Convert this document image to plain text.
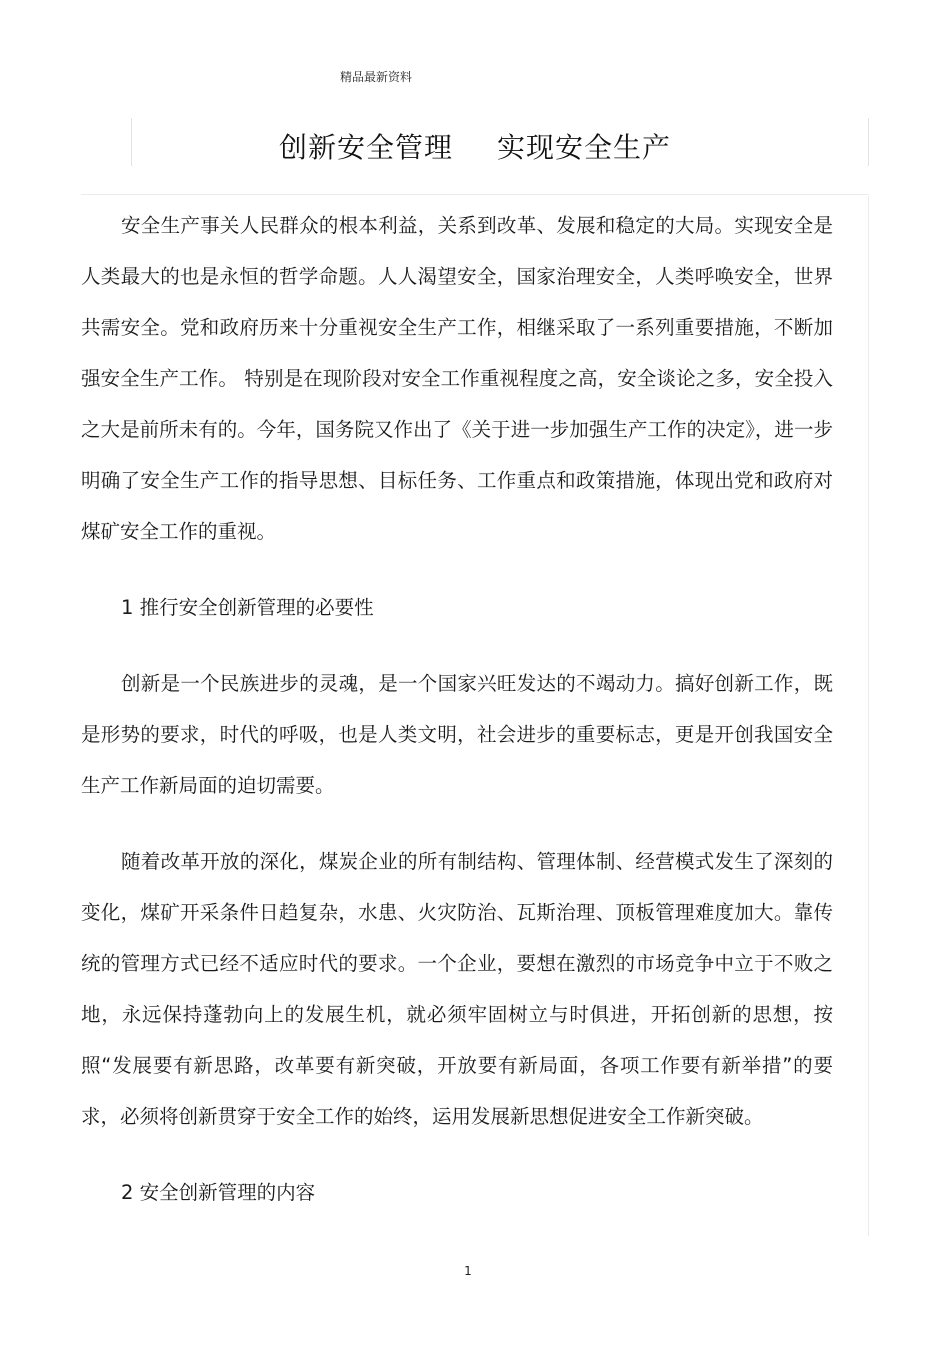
精品最新资料
创新安全管理 实现安全生产

安全生产事关人民群众的根本利益，关系到改革、发展和稳定的大局。实现安全是人类最大的也是永恒的哲学命题。人人渴望安全，国家治理安全，人类呼唤安全，世界共需安全。党和政府历来十分重视安全生产工作，相继采取了一系列重要措施，不断加强安全生产工作。 特别是在现阶段对安全工作重视程度之高，安全谈论之多，安全投入之大是前所未有的。今年，国务院又作出了《关于进一步加强生产工作的决定》，进一步明确了安全生产工作的指导思想、目标任务、工作重点和政策措施，体现出党和政府对煤矿安全工作的重视。

1 推行安全创新管理的必要性

创新是一个民族进步的灵魂，是一个国家兴旺发达的不竭动力。搞好创新工作，既是形势的要求，时代的呼吸，也是人类文明，社会进步的重要标志，更是开创我国安全生产工作新局面的迫切需要。

随着改革开放的深化，煤炭企业的所有制结构、管理体制、经营模式发生了深刻的变化，煤矿开采条件日趋复杂，水患、火灾防治、瓦斯治理、顶板管理难度加大。靠传统的管理方式已经不适应时代的要求。一个企业，要想在激烈的市场竞争中立于不败之地，永远保持蓬勃向上的发展生机，就必须牢固树立与时俱进，开拓创新的思想，按照“发展要有新思路，改革要有新突破，开放要有新局面，各项工作要有新举措”的要求，必须将创新贯穿于安全工作的始终，运用发展新思想促进安全工作新突破。

2 安全创新管理的内容

1
